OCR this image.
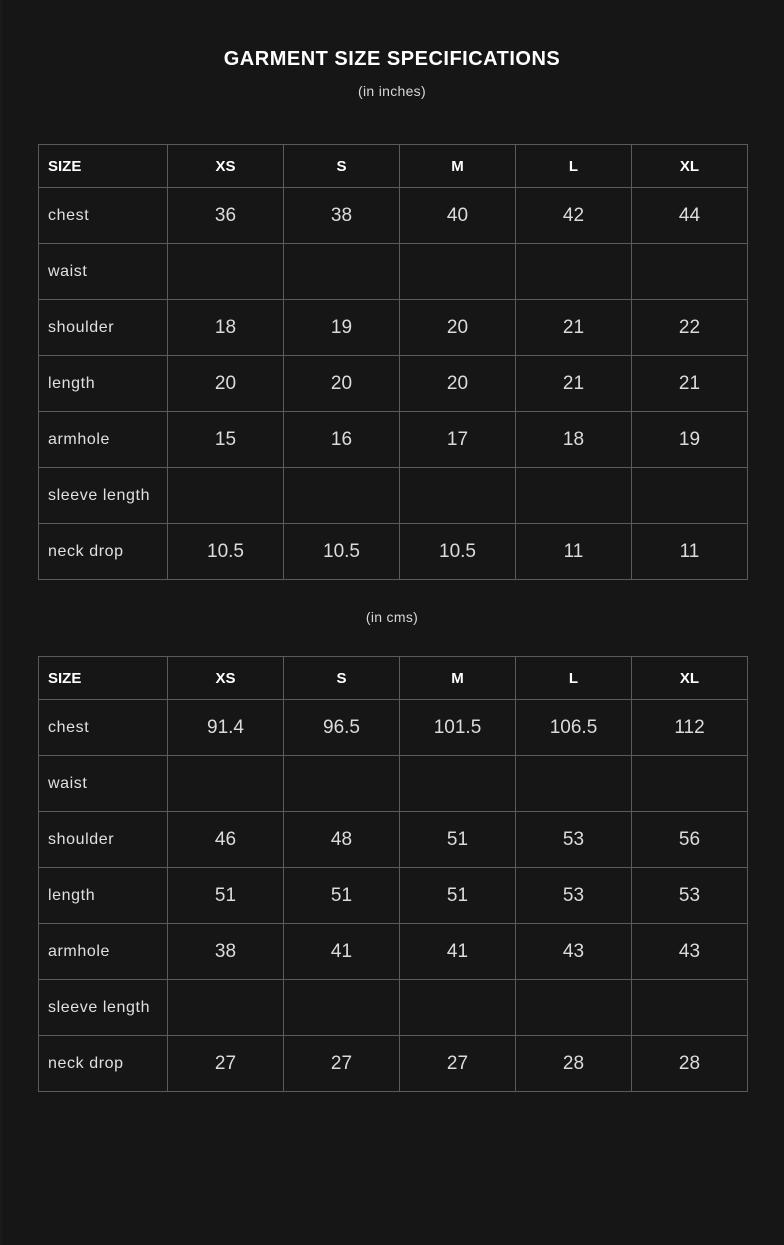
GARMENT SIZE SPECIFICATIONS
(in inches)
SIZE	XS	S	M	L	XL
chest	36	38	40	42	44
waist					
shoulder	18	19	20	21	22
length	20	20	20	21	21
armhole	15	16	17	18	19
sleeve length					
neck drop	10.5	10.5	10.5	11	11
(in cms)
SIZE	XS	S	M	L	XL
chest	91.4	96.5	101.5	106.5	112
waist					
shoulder	46	48	51	53	56
length	51	51	51	53	53
armhole	38	41	41	43	43
sleeve length					
neck drop	27	27	27	28	28
